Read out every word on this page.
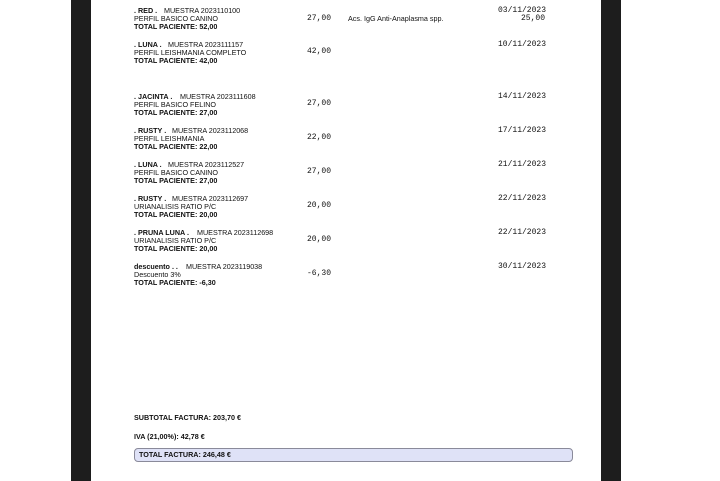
. RED . MUESTRA 2023110100
PERFIL BASICO CANINO
TOTAL PACIENTE: 52,00
27,00 Acs. IgG Anti-Anaplasma spp.
03/11/2023
25,00
. LUNA . MUESTRA 2023111157
PERFIL LEISHMANIA COMPLETO
TOTAL PACIENTE: 42,00
42,00
10/11/2023
. JACINTA . MUESTRA 2023111608
PERFIL BASICO FELINO
TOTAL PACIENTE: 27,00
27,00
14/11/2023
. RUSTY . MUESTRA 2023112068
PERFIL LEISHMANIA
TOTAL PACIENTE: 22,00
22,00
17/11/2023
. LUNA . MUESTRA 2023112527
PERFIL BASICO CANINO
TOTAL PACIENTE: 27,00
27,00
21/11/2023
. RUSTY . MUESTRA 2023112697
URIANALISIS RATIO P/C
TOTAL PACIENTE: 20,00
20,00
22/11/2023
. PRUNA LUNA . MUESTRA 2023112698
URIANALISIS RATIO P/C
TOTAL PACIENTE: 20,00
20,00
22/11/2023
descuento . . MUESTRA 2023119038
Descuento 3%
TOTAL PACIENTE: -6,30
-6,30
30/11/2023
SUBTOTAL FACTURA: 203,70 €
IVA (21,00%): 42,78 €
TOTAL FACTURA: 246,48 €
